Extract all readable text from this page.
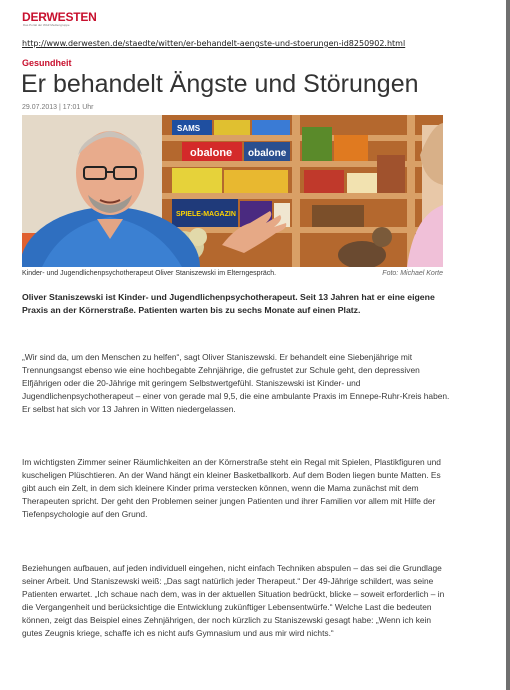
DERWESTEN
Das Portal der WAZ Mediengruppe
http://www.derwesten.de/staedte/witten/er-behandelt-aengste-und-stoerungen-id8250902.html
Gesundheit
Er behandelt Ängste und Störungen
29.07.2013 | 17:01 Uhr
SAMS
obalone obalone
SPIELE-MAGAZIN
Kinder- und Jugendlichenpsychotherapeut Oliver Staniszewski im Elterngespräch.	Foto: Michael Korte

Oliver Staniszewski ist Kinder- und Jugendlichenpsychotherapeut. Seit 13 Jahren hat er eine eigene Praxis an der Körnerstraße. Patienten warten bis zu sechs Monate auf einen Platz.

„Wir sind da, um den Menschen zu helfen“, sagt Oliver Staniszewski. Er behandelt eine Siebenjährige mit Trennungsangst ebenso wie eine hochbegabte Zehnjährige, die gefrustet zur Schule geht, den depressiven Elfjährigen oder die 20-Jährige mit geringem Selbstwertgefühl. Staniszewski ist Kinder- und Jugendlichenpsychotherapeut – einer von gerade mal 9,5, die eine ambulante Praxis im Ennepe-Ruhr-Kreis haben. Er selbst hat sich vor 13 Jahren in Witten niedergelassen.

Im wichtigsten Zimmer seiner Räumlichkeiten an der Körnerstraße steht ein Regal mit Spielen, Plastikfiguren und kuscheligen Plüschtieren. An der Wand hängt ein kleiner Basketballkorb. Auf dem Boden liegen bunte Matten. Es gibt auch ein Zelt, in dem sich kleinere Kinder prima verstecken können, wenn die Mama zunächst mit dem Therapeuten spricht. Der geht den Problemen seiner jungen Patienten und ihrer Familien vor allem mit Hilfe der Tiefenpsychologie auf den Grund.

Beziehungen aufbauen, auf jeden individuell eingehen, nicht einfach Techniken abspulen – das sei die Grundlage seiner Arbeit. Und Staniszewski weiß: „Das sagt natürlich jeder Therapeut.“ Der 49-Jährige schildert, was seine Patienten erwartet. „Ich schaue nach dem, was in der aktuellen Situation bedrückt, blicke – soweit erforderlich – in die Vergangenheit und berücksichtige die Entwicklung zukünftiger Lebensentwürfe.“ Welche Last die bedeuten können, zeigt das Beispiel eines Zehnjährigen, der noch kürzlich zu Staniszewski gesagt habe: „Wenn ich kein gutes Zeugnis kriege, schaffe ich es nicht aufs Gymnasium und aus mir wird nichts.“
